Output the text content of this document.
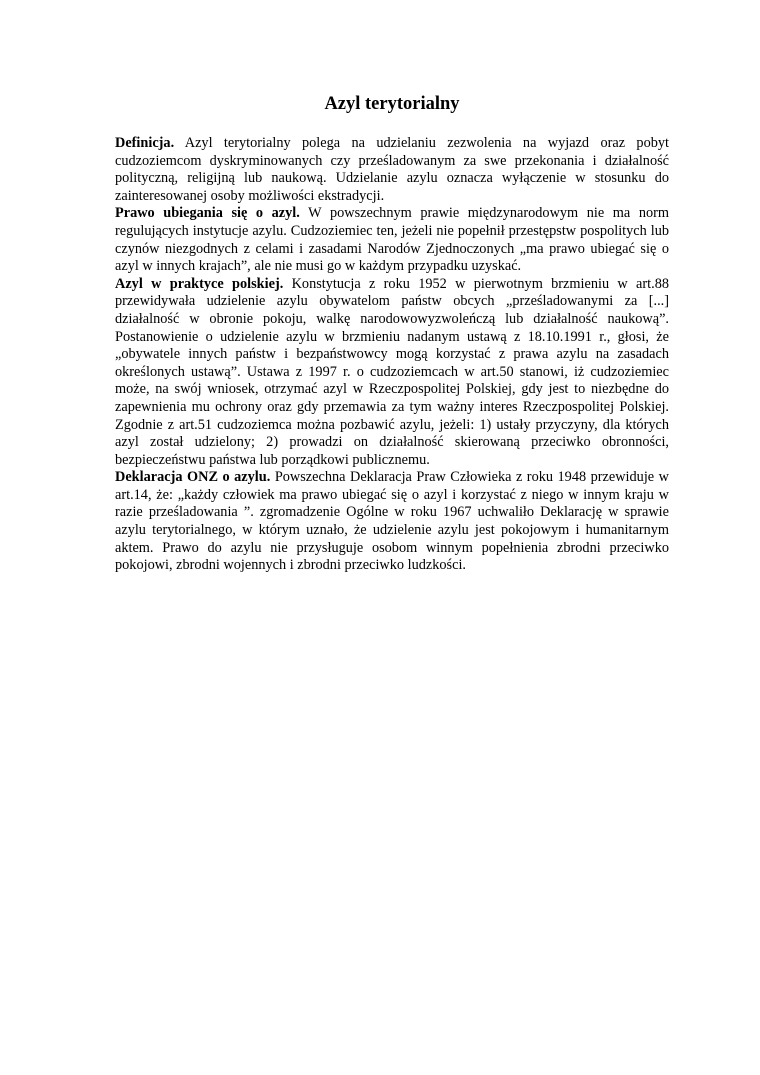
Azyl terytorialny

Definicja. Azyl terytorialny polega na udzielaniu zezwolenia na wyjazd oraz pobyt cudzoziemcom dyskryminowanych czy prześladowanym za swe przekonania i działalność polityczną, religijną lub naukową. Udzielanie azylu oznacza wyłączenie w stosunku do zainteresowanej osoby możliwości ekstradycji.

Prawo ubiegania się o azyl. W powszechnym prawie międzynarodowym nie ma norm regulujących instytucje azylu. Cudzoziemiec ten, jeżeli nie popełnił przestępstw pospolitych lub czynów niezgodnych z celami i zasadami Narodów Zjednoczonych „ma prawo ubiegać się o azyl w innych krajach”, ale nie musi go w każdym przypadku uzyskać.

Azyl w praktyce polskiej. Konstytucja z roku 1952 w pierwotnym brzmieniu w art.88 przewidywała udzielenie azylu obywatelom państw obcych „prześladowanymi za [...] działalność w obronie pokoju, walkę narodowowyzwoleńczą lub działalność naukową”. Postanowienie o udzielenie azylu w brzmieniu nadanym ustawą z 18.10.1991 r., głosi, że „obywatele innych państw i bezpaństwowcy mogą korzystać z prawa azylu na zasadach określonych ustawą”. Ustawa z 1997 r. o cudzoziemcach w art.50 stanowi, iż cudzoziemiec może, na swój wniosek, otrzymać azyl w Rzeczpospolitej Polskiej, gdy jest to niezbędne do zapewnienia mu ochrony oraz gdy przemawia za tym ważny interes Rzeczpospolitej Polskiej. Zgodnie z art.51 cudzoziemca można pozbawić azylu, jeżeli: 1) ustały przyczyny, dla których azyl został udzielony; 2) prowadzi on działalność skierowaną przeciwko obronności, bezpieczeństwu państwa lub porządkowi publicznemu.

Deklaracja ONZ o azylu. Powszechna Deklaracja Praw Człowieka z roku 1948 przewiduje w art.14, że: „każdy człowiek ma prawo ubiegać się o azyl i korzystać z niego w innym kraju w razie prześladowania ”. zgromadzenie Ogólne w roku 1967 uchwaliło Deklarację w sprawie azylu terytorialnego, w którym uznało, że udzielenie azylu jest pokojowym i humanitarnym aktem. Prawo do azylu nie przysługuje osobom winnym popełnienia zbrodni przeciwko pokojowi, zbrodni wojennych i zbrodni przeciwko ludzkości.
